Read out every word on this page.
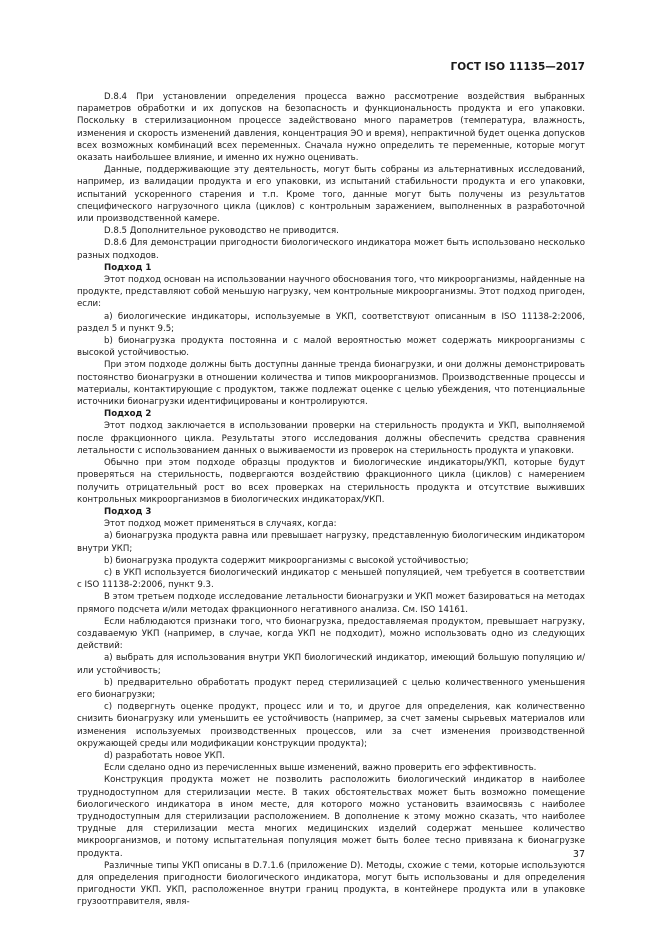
ГОСТ ISO 11135—2017

D.8.4 При установлении определения процесса важно рассмотрение воздействия выбранных параметров обработки и их допусков на безопасность и функциональность продукта и его упаковки. Поскольку в стерилизационном процессе задействовано много параметров (температура, влажность, изменения и скорость изменений давления, концентрация ЭО и время), непрактичной будет оценка допусков всех возможных комбинаций всех переменных. Сначала нужно определить те переменные, которые могут оказать наибольшее влияние, и именно их нужно оценивать.

Данные, поддерживающие эту деятельность, могут быть собраны из альтернативных исследований, например, из валидации продукта и его упаковки, из испытаний стабильности продукта и его упаковки, испытаний ускоренного старения и т.п. Кроме того, данные могут быть получены из результатов специфического нагрузочного цикла (циклов) с контрольным заражением, выполненных в разработочной или производственной камере.

D.8.5 Дополнительное руководство не приводится.

D.8.6 Для демонстрации пригодности биологического индикатора может быть использовано несколько разных подходов.

Подход 1

Этот подход основан на использовании научного обоснования того, что микроорганизмы, найденные на продукте, представляют собой меньшую нагрузку, чем контрольные микроорганизмы. Этот подход пригоден, если:

a) биологические индикаторы, используемые в УКП, соответствуют описанным в ISO 11138-2:2006, раздел 5 и пункт 9.5;

b) бионагрузка продукта постоянна и с малой вероятностью может содержать микроорганизмы с высокой устойчивостью.

При этом подходе должны быть доступны данные тренда бионагрузки, и они должны демонстрировать постоянство бионагрузки в отношении количества и типов микроорганизмов. Производственные процессы и материалы, контактирующие с продуктом, также подлежат оценке с целью убеждения, что потенциальные источники бионагрузки идентифицированы и контролируются.

Подход 2

Этот подход заключается в использовании проверки на стерильность продукта и УКП, выполняемой после фракционного цикла. Результаты этого исследования должны обеспечить средства сравнения летальности с использованием данных о выживаемости из проверок на стерильность продукта и упаковки.

Обычно при этом подходе образцы продуктов и биологические индикаторы/УКП, которые будут проверяться на стерильность, подвергаются воздействию фракционного цикла (циклов) с намерением получить отрицательный рост во всех проверках на стерильность продукта и отсутствие выживших контрольных микроорганизмов в биологических индикаторах/УКП.

Подход 3

Этот подход может применяться в случаях, когда:

a) бионагрузка продукта равна или превышает нагрузку, представленную биологическим индикатором внутри УКП;

b) бионагрузка продукта содержит микроорганизмы с высокой устойчивостью;

c) в УКП используется биологический индикатор с меньшей популяцией, чем требуется в соответствии с ISO 11138-2:2006, пункт 9.3.

В этом третьем подходе исследование летальности бионагрузки и УКП может базироваться на методах прямого подсчета и/или методах фракционного негативного анализа. См. ISO 14161.

Если наблюдаются признаки того, что бионагрузка, предоставляемая продуктом, превышает нагрузку, создаваемую УКП (например, в случае, когда УКП не подходит), можно использовать одно из следующих действий:

a) выбрать для использования внутри УКП биологический индикатор, имеющий большую популяцию и/или устойчивость;

b) предварительно обработать продукт перед стерилизацией с целью количественного уменьшения его бионагрузки;

c) подвергнуть оценке продукт, процесс или и то, и другое для определения, как количественно снизить бионагрузку или уменьшить ее устойчивость (например, за счет замены сырьевых материалов или изменения используемых производственных процессов, или за счет изменения производственной окружающей среды или модификации конструкции продукта);

d) разработать новое УКП.

Если сделано одно из перечисленных выше изменений, важно проверить его эффективность.

Конструкция продукта может не позволить расположить биологический индикатор в наиболее труднодоступном для стерилизации месте. В таких обстоятельствах может быть возможно помещение биологического индикатора в ином месте, для которого можно установить взаимосвязь с наиболее труднодоступным для стерилизации расположением. В дополнение к этому можно сказать, что наиболее трудные для стерилизации места многих медицинских изделий содержат меньшее количество микроорганизмов, и потому испытательная популяция может быть более тесно привязана к бионагрузке продукта.

Различные типы УКП описаны в D.7.1.6 (приложение D). Методы, схожие с теми, которые используются для определения пригодности биологического индикатора, могут быть использованы и для определения пригодности УКП. УКП, расположенное внутри границ продукта, в контейнере продукта или в упаковке грузоотправителя, явля-

37
